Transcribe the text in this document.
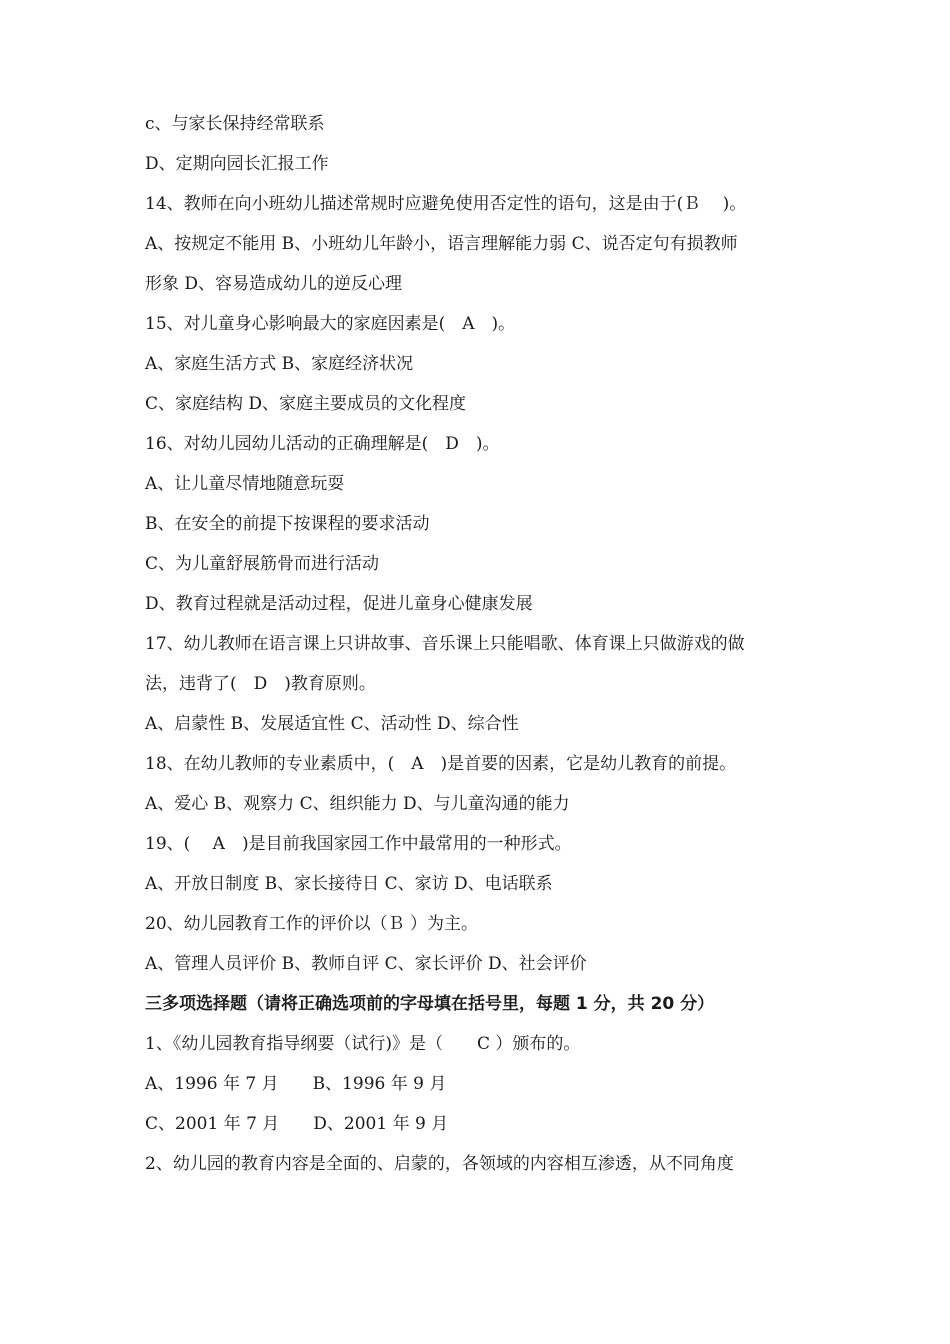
c、与家长保持经常联系
D、定期向园长汇报工作
14、教师在向小班幼儿描述常规时应避免使用否定性的语句，这是由于(Ｂ　 )。
A、按规定不能用 B、小班幼儿年龄小，语言理解能力弱 C、说否定句有损教师
形象 D、容易造成幼儿的逆反心理
15、对儿童身心影响最大的家庭因素是(　A　)。
A、家庭生活方式 B、家庭经济状况
C、家庭结构 D、家庭主要成员的文化程度
16、对幼儿园幼儿活动的正确理解是(　D　)。
A、让儿童尽情地随意玩耍
B、在安全的前提下按课程的要求活动
C、为儿童舒展筋骨而进行活动
D、教育过程就是活动过程，促进儿童身心健康发展
17、幼儿教师在语言课上只讲故事、音乐课上只能唱歌、体育课上只做游戏的做
法，违背了(　D　)教育原则。
A、启蒙性 B、发展适宜性 C、活动性 D、综合性
18、在幼儿教师的专业素质中，(　A　)是首要的因素，它是幼儿教育的前提。
A、爱心 B、观察力 C、组织能力 D、与儿童沟通的能力
19、(　 A　)是目前我国家园工作中最常用的一种形式。
A、开放日制度 B、家长接待日 C、家访 D、电话联系
20、幼儿园教育工作的评价以（Ｂ ）为主。
A、管理人员评价 B、教师自评 C、家长评价 D、社会评价
三多项选择题（请将正确选项前的字母填在括号里，每题 1 分，共 20 分）
1、《幼儿园教育指导纲要（试行)》是（　　C ）颁布的。
A、1996 年 7 月　　B、1996 年 9 月
C、2001 年 7 月　　D、2001 年 9 月
2、幼儿园的教育内容是全面的、启蒙的，各领域的内容相互渗透，从不同角度
